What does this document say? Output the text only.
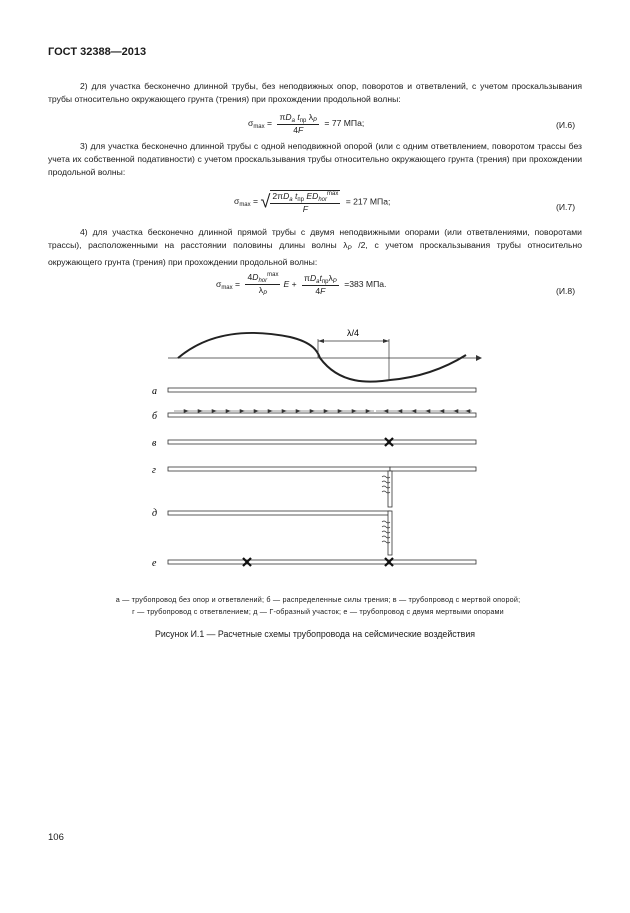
ГОСТ 32388—2013
2) для участка бесконечно длинной трубы, без неподвижных опор, поворотов и ответвлений, с учетом проскальзывания трубы относительно окружающего грунта (трения) при прохождении продольной волны:
$\sigma_{max} = \frac{\pi D_a t_{пр} \lambda_P}{4F} = 77$ МПа;	(И.6)
3) для участка бесконечно длинной трубы с одной неподвижной опорой (или с одним ответвлением, поворотом трассы без учета их собственной подативности) с учетом проскальзывания трубы относительно окружающего грунта (трения) при прохождении продольной волны:
$\sigma_{max}$ = √ $\frac{2\pi D_a t_{пр} ED_{hor}^{max}}{F} = 217$ МПа;
(И.7)
4) для участка бесконечно длинной прямой трубы с двумя неподвижными опорами (или ответвлениями, поворотами трассы), расположенными на расстоянии половины длины волны $\lambda_P$ /2, с учетом проскальзывания трубы относительно окружающего грунта (трения) при прохождении продольной волны:
$\sigma_{max} = \frac{4D_{hor}^{max}}{\lambda_P}$ $E + \frac{\pi D_at_{пр}\lambda_P}{4F} =383$ МПа.
(И.8)
λ/4
а
б
в
г
д
е
а — трубопровод без опор и ответвлений; б — распределенные силы трения; в — трубопровод с мертвой опорой;
г — трубопровод с ответвлением; д — Г-образный участок; е — трубопровод с двумя мертвыми опорами
Рисунок И.1 — Расчетные схемы трубопровода на сейсмические воздействия
106
